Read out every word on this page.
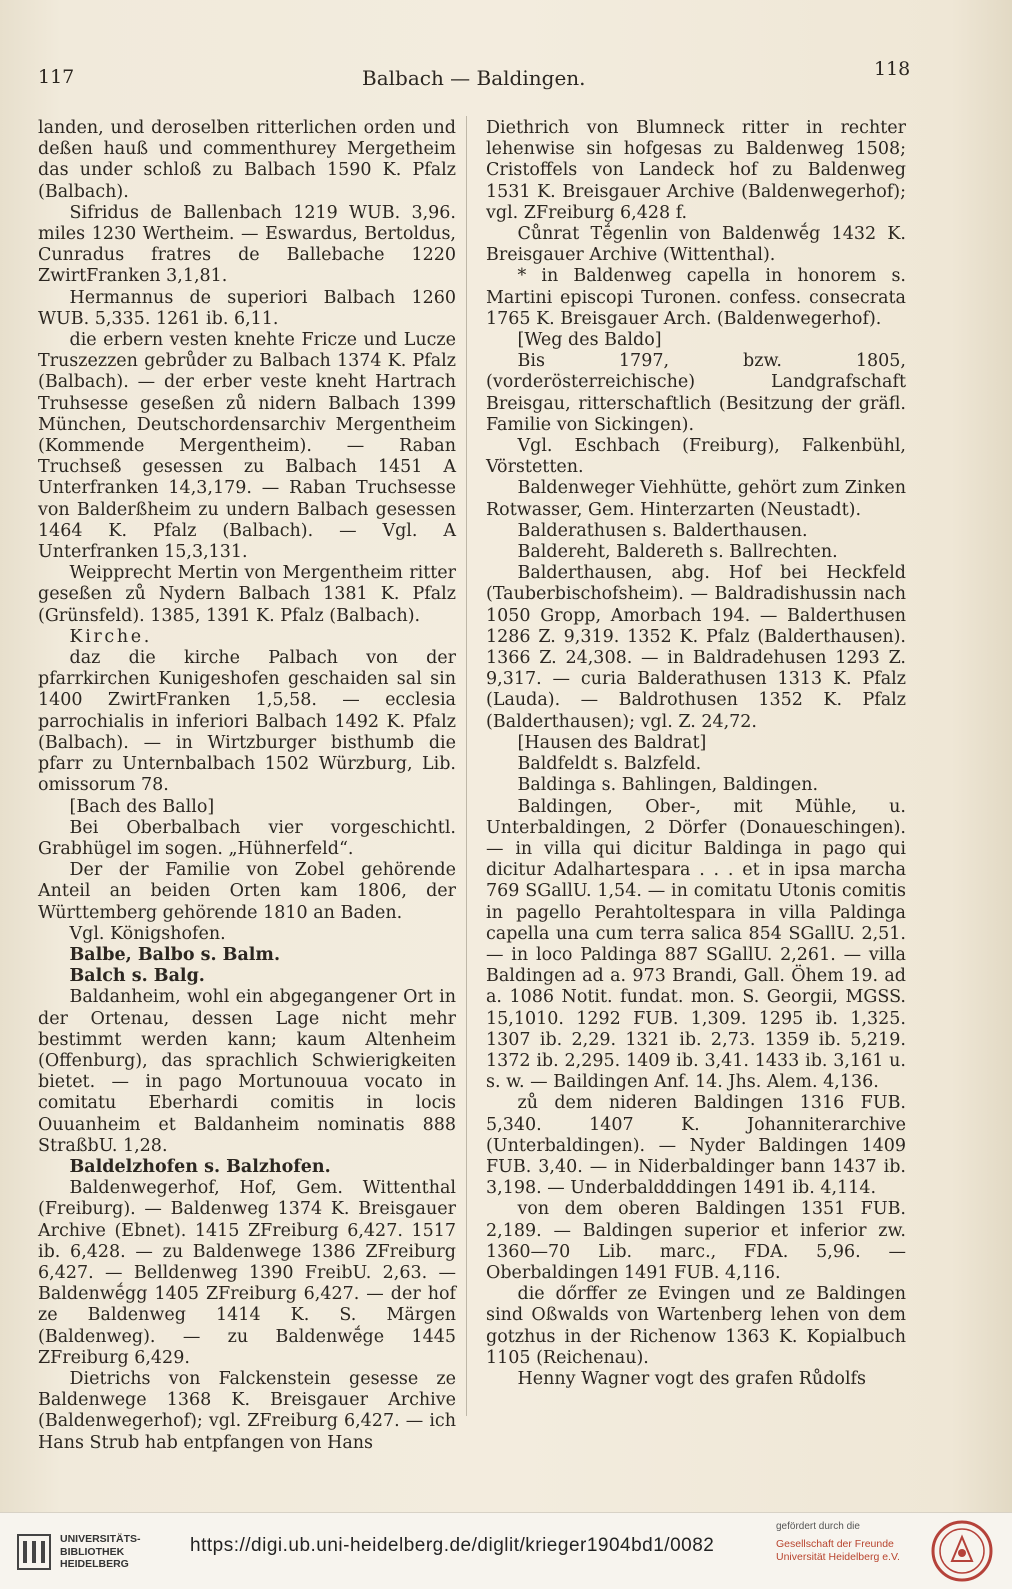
117	Balbach — Baldingen.	118

landen, und deroselben ritterlichen orden und deßen hauß und commenthurey Mergetheim das under schloß zu Balbach 1590 K. Pfalz (Balbach).

Sifridus de Ballenbach 1219 WUB. 3,96. miles 1230 Wertheim. — Eswardus, Bertoldus, Cunradus fratres de Ballebache 1220 ZwirtFranken 3,1,81.

Hermannus de superiori Balbach 1260 WUB. 5,335. 1261 ib. 6,11.

die erbern vesten knehte Fricze und Lucze Truszezzen gebrůder zu Balbach 1374 K. Pfalz (Balbach). — der erber veste kneht Hartrach Truhsesse geseßen zů nidern Balbach 1399 München, Deutschordensarchiv Mergentheim (Kommende Mergentheim). — Raban Truchseß gesessen zu Balbach 1451 A Unterfranken 14,3,179. — Raban Truchsesse von Balderßheim zu undern Balbach gesessen 1464 K. Pfalz (Balbach). — Vgl. A Unterfranken 15,3,131.

Weipprecht Mertin von Mergentheim ritter geseßen zů Nydern Balbach 1381 K. Pfalz (Grünsfeld). 1385, 1391 K. Pfalz (Balbach).

Kirche.

daz die kirche Palbach von der pfarrkirchen Kunigeshofen geschaiden sal sin 1400 ZwirtFranken 1,5,58. — ecclesia parrochialis in inferiori Balbach 1492 K. Pfalz (Balbach). — in Wirtzburger bisthumb die pfarr zu Unternbalbach 1502 Würzburg, Lib. omissorum 78.

[Bach des Ballo]

Bei Oberbalbach vier vorgeschichtl. Grabhügel im sogen. „Hühnerfeld“.

Der der Familie von Zobel gehörende Anteil an beiden Orten kam 1806, der Württemberg gehörende 1810 an Baden.

Vgl. Königshofen.

Balbe, Balbo s. Balm.

Balch s. Balg.

Baldanheim, wohl ein abgegangener Ort in der Ortenau, dessen Lage nicht mehr bestimmt werden kann; kaum Altenheim (Offenburg), das sprachlich Schwierigkeiten bietet. — in pago Mortunouua vocato in comitatu Eberhardi comitis in locis Ouuanheim et Baldanheim nominatis 888 StraßbU. 1,28.

Baldelzhofen s. Balzhofen.

Baldenwegerhof, Hof, Gem. Wittenthal (Freiburg). — Baldenweg 1374 K. Breisgauer Archive (Ebnet). 1415 ZFreiburg 6,427. 1517 ib. 6,428. — zu Baldenwege 1386 ZFreiburg 6,427. — Belldenweg 1390 FreibU. 2,63. — Baldenwḗgg 1405 ZFreiburg 6,427. — der hof ze Baldenweg 1414 K. S. Märgen (Baldenweg). — zu Baldenwḗge 1445 ZFreiburg 6,429.

Dietrichs von Falckenstein gesesse ze Baldenwege 1368 K. Breisgauer Archive (Baldenwegerhof); vgl. ZFreiburg 6,427. — ich Hans Strub hab entpfangen von Hans

Diethrich von Blumneck ritter in rechter lehenwise sin hofgesas zu Baldenweg 1508; Cristoffels von Landeck hof zu Baldenweg 1531 K. Breisgauer Archive (Baldenwegerhof); vgl. ZFreiburg 6,428 f.

Cůnrat Tḗgenlin von Baldenwḗg 1432 K. Breisgauer Archive (Wittenthal).

* in Baldenweg capella in honorem s. Martini episcopi Turonen. confess. consecrata 1765 K. Breisgauer Arch. (Baldenwegerhof).

[Weg des Baldo]

Bis 1797, bzw. 1805, (vorderösterreichische) Landgrafschaft Breisgau, ritterschaftlich (Besitzung der gräfl. Familie von Sickingen).

Vgl. Eschbach (Freiburg), Falkenbühl, Vörstetten.

Baldenweger Viehhütte, gehört zum Zinken Rotwasser, Gem. Hinterzarten (Neustadt).

Balderathusen s. Balderthausen.

Baldereht, Baldereth s. Ballrechten.

Balderthausen, abg. Hof bei Heckfeld (Tauberbischofsheim). — Baldradishussin nach 1050 Gropp, Amorbach 194. — Balderthusen 1286 Z. 9,319. 1352 K. Pfalz (Balderthausen). 1366 Z. 24,308. — in Baldradehusen 1293 Z. 9,317. — curia Balderathusen 1313 K. Pfalz (Lauda). — Baldrothusen 1352 K. Pfalz (Balderthausen); vgl. Z. 24,72.

[Hausen des Baldrat]

Baldfeldt s. Balzfeld.

Baldinga s. Bahlingen, Baldingen.

Baldingen, Ober-, mit Mühle, u. Unterbaldingen, 2 Dörfer (Donaueschingen). — in villa qui dicitur Baldinga in pago qui dicitur Adalhartespara . . . et in ipsa marcha 769 SGallU. 1,54. — in comitatu Utonis comitis in pagello Perahtoltespara in villa Paldinga capella una cum terra salica 854 SGallU. 2,51. — in loco Paldinga 887 SGallU. 2,261. — villa Baldingen ad a. 973 Brandi, Gall. Öhem 19. ad a. 1086 Notit. fundat. mon. S. Georgii, MGSS. 15,1010. 1292 FUB. 1,309. 1295 ib. 1,325. 1307 ib. 2,29. 1321 ib. 2,73. 1359 ib. 5,219. 1372 ib. 2,295. 1409 ib. 3,41. 1433 ib. 3,161 u. s. w. — Baildingen Anf. 14. Jhs. Alem. 4,136.

zů dem nideren Baldingen 1316 FUB. 5,340. 1407 K. Johanniterarchive (Unterbaldingen). — Nyder Baldingen 1409 FUB. 3,40. — in Niderbaldinger bann 1437 ib. 3,198. — Underbaldddingen 1491 ib. 4,114.

von dem oberen Baldingen 1351 FUB. 2,189. — Baldingen superior et inferior zw. 1360—70 Lib. marc., FDA. 5,96. — Oberbaldingen 1491 FUB. 4,116.

die dőrffer ze Evingen und ze Baldingen sind Oßwalds von Wartenberg lehen von dem gotzhus in der Richenow 1363 K. Kopialbuch 1105 (Reichenau).

Henny Wagner vogt des grafen Růdolfs

UNIVERSITÄTS-
BIBLIOTHEK
HEIDELBERG
https://digi.ub.uni-heidelberg.de/diglit/krieger1904bd1/0082
gefördert durch die
Gesellschaft der Freunde
Universität Heidelberg e.V.
